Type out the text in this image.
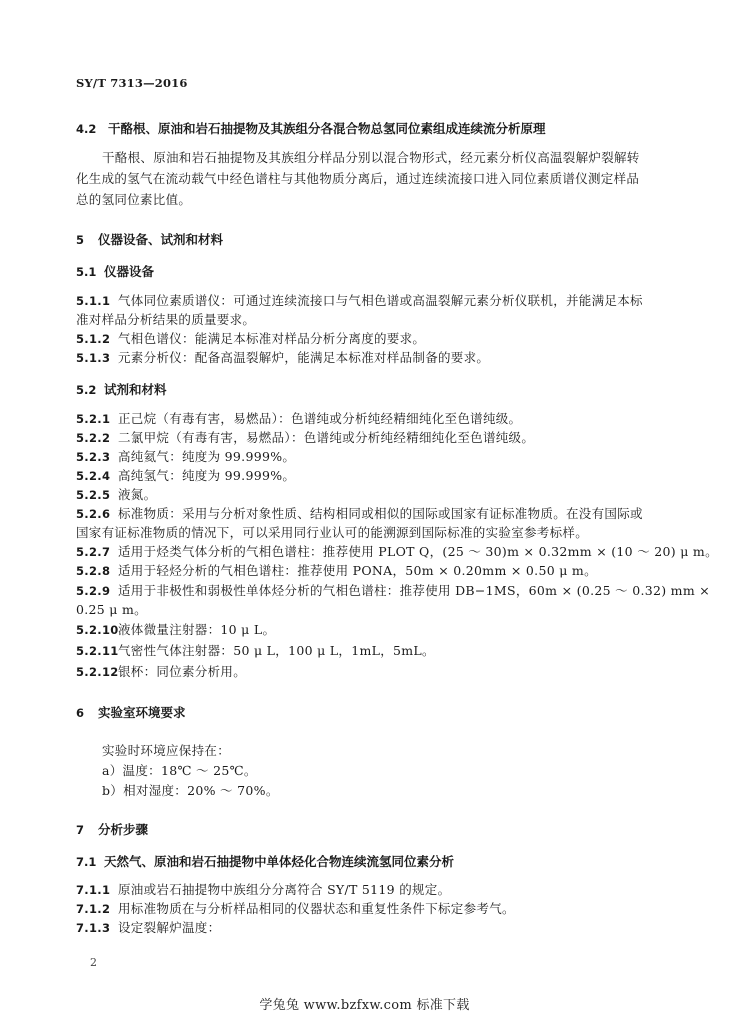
SY/T 7313—2016
4.2 干酪根、原油和岩石抽提物及其族组分各混合物总氢同位素组成连续流分析原理
干酪根、原油和岩石抽提物及其族组分样品分别以混合物形式，经元素分析仪高温裂解炉裂解转
化生成的氢气在流动载气中经色谱柱与其他物质分离后，通过连续流接口进入同位素质谱仪测定样品
总的氢同位素比值。
5 仪器设备、试剂和材料
5.1 仪器设备
5.1.1 气体同位素质谱仪：可通过连续流接口与气相色谱或高温裂解元素分析仪联机，并能满足本标
准对样品分析结果的质量要求。
5.1.2 气相色谱仪：能满足本标准对样品分析分离度的要求。
5.1.3 元素分析仪：配备高温裂解炉，能满足本标准对样品制备的要求。
5.2 试剂和材料
5.2.1 正己烷（有毒有害，易燃品）：色谱纯或分析纯经精细纯化至色谱纯级。
5.2.2 二氯甲烷（有毒有害，易燃品）：色谱纯或分析纯经精细纯化至色谱纯级。
5.2.3 高纯氦气：纯度为 99.999%。
5.2.4 高纯氢气：纯度为 99.999%。
5.2.5 液氮。
5.2.6 标准物质：采用与分析对象性质、结构相同或相似的国际或国家有证标准物质。在没有国际或
国家有证标准物质的情况下，可以采用同行业认可的能溯源到国际标准的实验室参考标样。
5.2.7 适用于烃类气体分析的气相色谱柱：推荐使用 PLOT Q，(25 ～ 30)m × 0.32mm × (10 ～ 20) μ m。
5.2.8 适用于轻烃分析的气相色谱柱：推荐使用 PONA，50m × 0.20mm × 0.50 μ m。
5.2.9 适用于非极性和弱极性单体烃分析的气相色谱柱：推荐使用 DB−1MS，60m × (0.25 ～ 0.32) mm ×
0.25 μ m。
5.2.10液体微量注射器：10 μ L。
5.2.11气密性气体注射器：50 μ L，100 μ L，1mL，5mL。
5.2.12银杯：同位素分析用。
6 实验室环境要求
实验时环境应保持在：
a）温度：18℃ ～ 25℃。
b）相对湿度：20% ～ 70%。
7 分析步骤
7.1 天然气、原油和岩石抽提物中单体烃化合物连续流氢同位素分析
7.1.1 原油或岩石抽提物中族组分分离符合 SY/T 5119 的规定。
7.1.2 用标准物质在与分析样品相同的仪器状态和重复性条件下标定参考气。
7.1.3 设定裂解炉温度：
2
学兔兔 www.bzfxw.com 标准下载
